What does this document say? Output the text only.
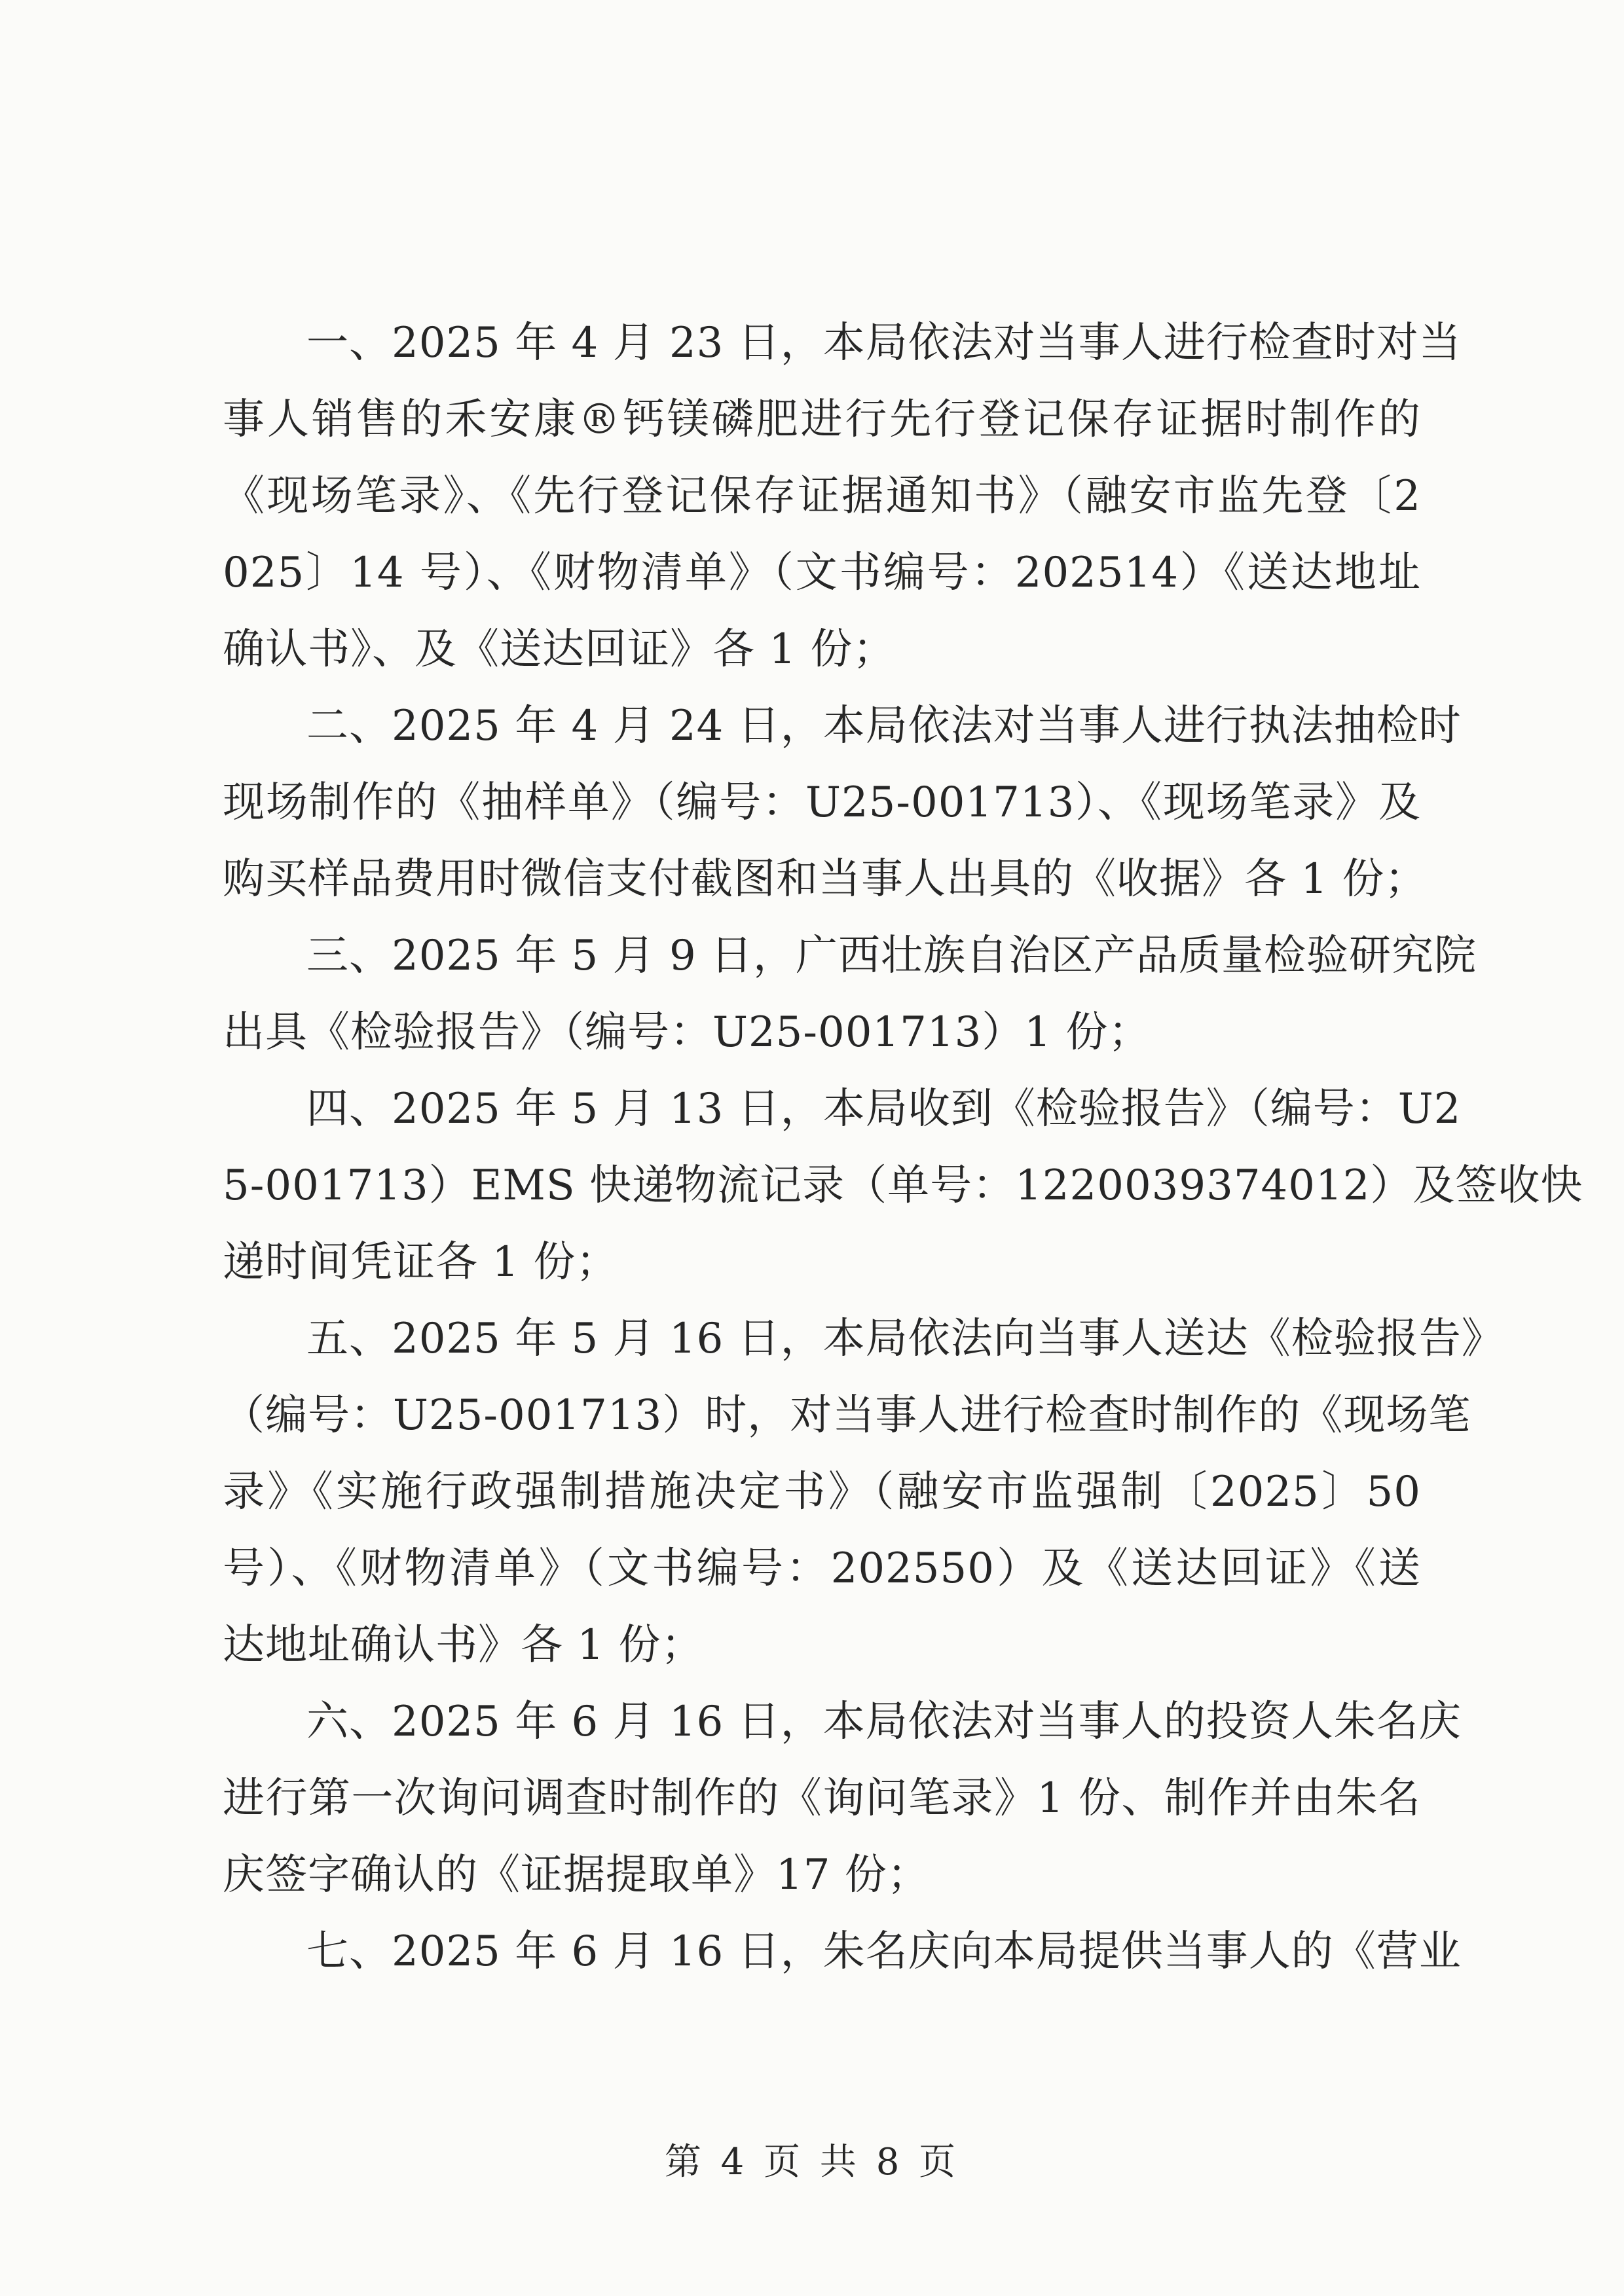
一、2025 年 4 月 23 日，本局依法对当事人进行检查时对当
事人销售的禾安康®钙镁磷肥进行先行登记保存证据时制作的
《现场笔录》、《先行登记保存证据通知书》（融安市监先登〔2
025〕14 号）、《财物清单》（文书编号：202514）《送达地址
确认书》、及《送达回证》各 1 份；
二、2025 年 4 月 24 日，本局依法对当事人进行执法抽检时
现场制作的《抽样单》（编号：U25-001713）、《现场笔录》及
购买样品费用时微信支付截图和当事人出具的《收据》各 1 份；
三、2025 年 5 月 9 日，广西壮族自治区产品质量检验研究院
出具《检验报告》（编号：U25-001713）1 份；
四、2025 年 5 月 13 日，本局收到《检验报告》（编号：U2
5-001713）EMS 快递物流记录（单号：1220039374012）及签收快
递时间凭证各 1 份；
五、2025 年 5 月 16 日，本局依法向当事人送达《检验报告》
（编号：U25-001713）时，对当事人进行检查时制作的《现场笔
录》《实施行政强制措施决定书》（融安市监强制〔2025〕50
号）、《财物清单》（文书编号：202550）及《送达回证》《送
达地址确认书》各 1 份；
六、2025 年 6 月 16 日，本局依法对当事人的投资人朱名庆
进行第一次询问调查时制作的《询问笔录》1 份、制作并由朱名
庆签字确认的《证据提取单》17 份；
七、2025 年 6 月 16 日，朱名庆向本局提供当事人的《营业
第 4 页 共 8 页
